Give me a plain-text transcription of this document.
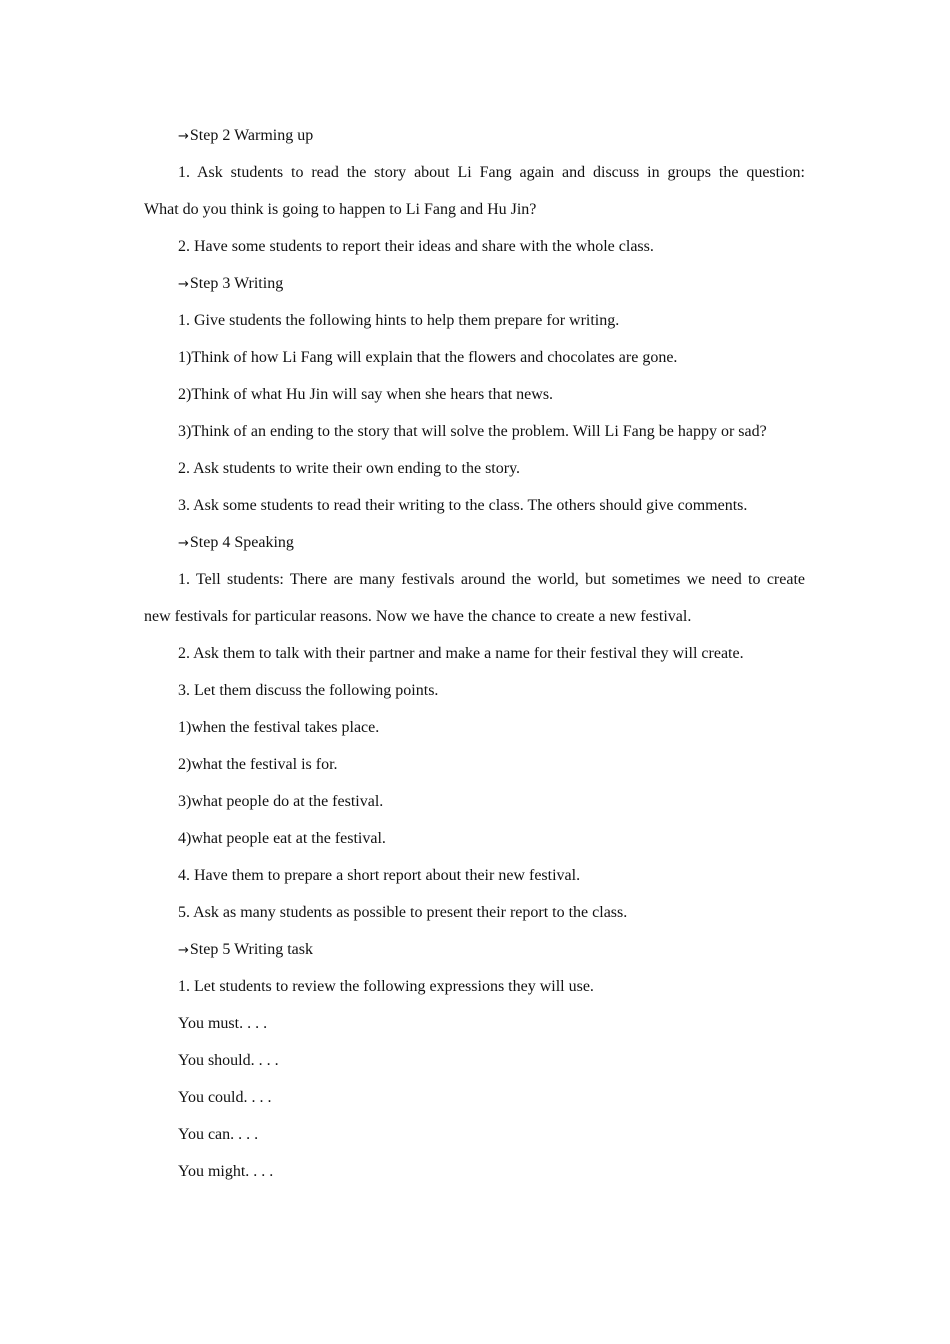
→Step 2 Warming up
1. Ask students to read the story about Li Fang again and discuss in groups the question:
What do you think is going to happen to Li Fang and Hu Jin?
2. Have some students to report their ideas and share with the whole class.
→Step 3 Writing
1. Give students the following hints to help them prepare for writing.
1)Think of how Li Fang will explain that the flowers and chocolates are gone.
2)Think of what Hu Jin will say when she hears that news.
3)Think of an ending to the story that will solve the problem. Will Li Fang be happy or sad?
2. Ask students to write their own ending to the story.
3. Ask some students to read their writing to the class. The others should give comments.
→Step 4 Speaking
1. Tell students: There are many festivals around the world, but sometimes we need to create
new festivals for particular reasons. Now we have the chance to create a new festival.
2. Ask them to talk with their partner and make a name for their festival they will create.
3. Let them discuss the following points.
1)when the festival takes place.
2)what the festival is for.
3)what people do at the festival.
4)what people eat at the festival.
4. Have them to prepare a short report about their new festival.
5. Ask as many students as possible to present their report to the class.
→Step 5 Writing task
1. Let students to review the following expressions they will use.
You must. . . .
You should. . . .
You could. . . .
You can. . . .
You might. . . .
